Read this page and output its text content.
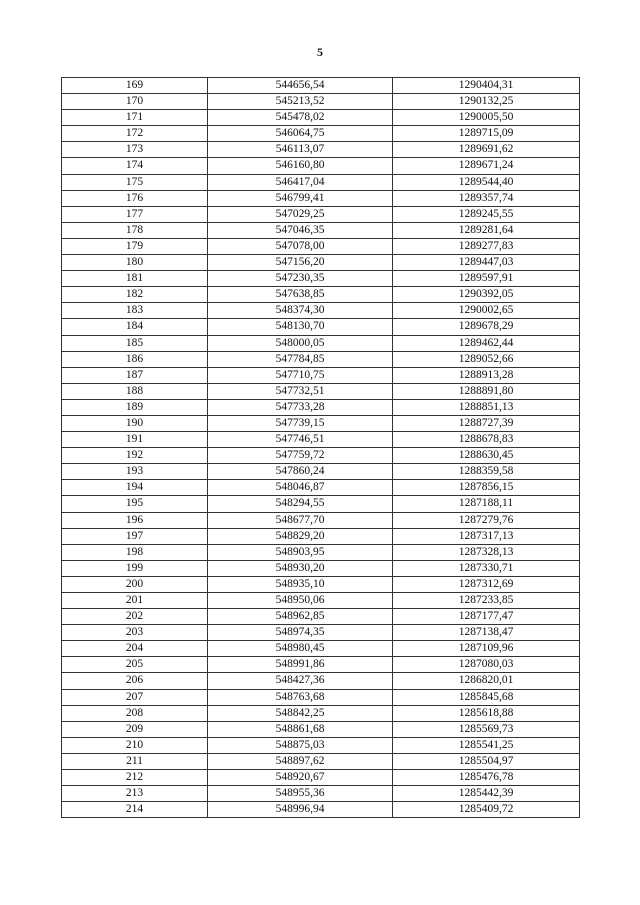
5
169	544656,54	1290404,31
170	545213,52	1290132,25
171	545478,02	1290005,50
172	546064,75	1289715,09
173	546113,07	1289691,62
174	546160,80	1289671,24
175	546417,04	1289544,40
176	546799,41	1289357,74
177	547029,25	1289245,55
178	547046,35	1289281,64
179	547078,00	1289277,83
180	547156,20	1289447,03
181	547230,35	1289597,91
182	547638,85	1290392,05
183	548374,30	1290002,65
184	548130,70	1289678,29
185	548000,05	1289462,44
186	547784,85	1289052,66
187	547710,75	1288913,28
188	547732,51	1288891,80
189	547733,28	1288851,13
190	547739,15	1288727,39
191	547746,51	1288678,83
192	547759,72	1288630,45
193	547860,24	1288359,58
194	548046,87	1287856,15
195	548294,55	1287188,11
196	548677,70	1287279,76
197	548829,20	1287317,13
198	548903,95	1287328,13
199	548930,20	1287330,71
200	548935,10	1287312,69
201	548950,06	1287233,85
202	548962,85	1287177,47
203	548974,35	1287138,47
204	548980,45	1287109,96
205	548991,86	1287080,03
206	548427,36	1286820,01
207	548763,68	1285845,68
208	548842,25	1285618,88
209	548861,68	1285569,73
210	548875,03	1285541,25
211	548897,62	1285504,97
212	548920,67	1285476,78
213	548955,36	1285442,39
214	548996,94	1285409,72
